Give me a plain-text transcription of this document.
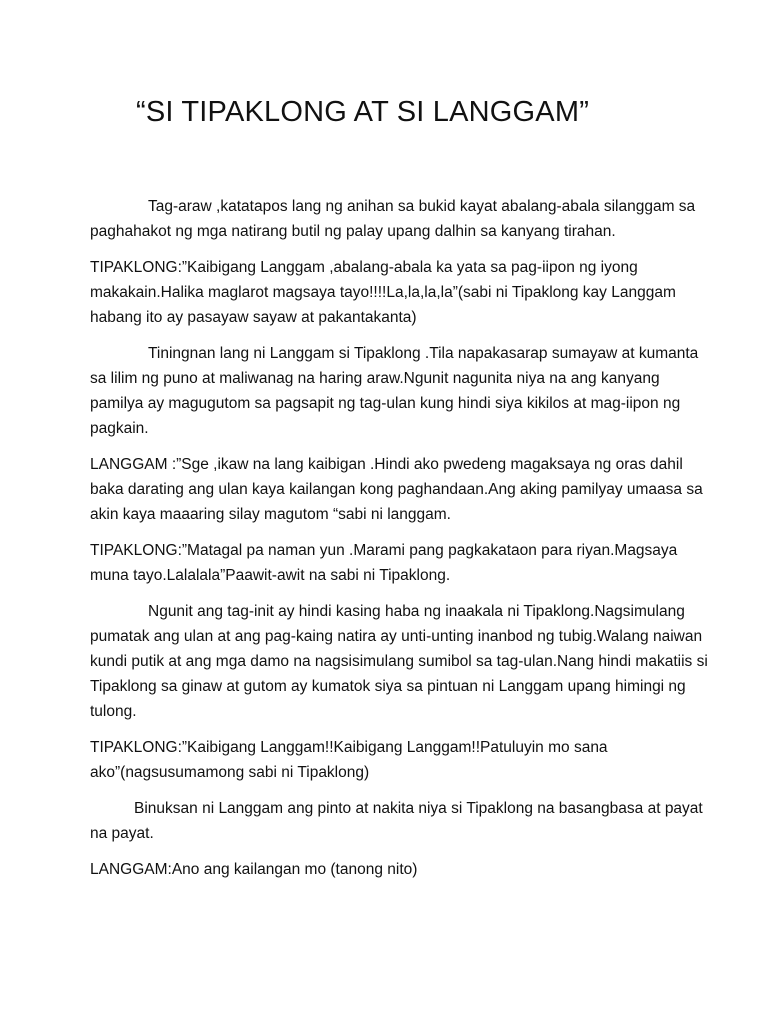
“SI TIPAKLONG AT SI LANGGAM”

Tag-araw ,katatapos lang ng anihan sa bukid kayat abalang-abala silanggam sa paghahakot ng mga natirang butil ng palay upang dalhin sa kanyang tirahan.

TIPAKLONG:”Kaibigang Langgam ,abalang-abala ka yata sa pag-iipon ng iyong makakain.Halika maglarot magsaya tayo!!!!La,la,la,la”(sabi ni Tipaklong kay Langgam habang ito ay pasayaw sayaw at pakantakanta)

Tiningnan lang ni Langgam si Tipaklong .Tila napakasarap sumayaw at kumanta sa lilim ng puno at maliwanag na haring araw.Ngunit nagunita niya na ang kanyang pamilya ay magugutom sa pagsapit ng tag-ulan kung hindi siya kikilos at mag-iipon ng pagkain.

LANGGAM :”Sge ,ikaw na lang kaibigan .Hindi ako pwedeng magaksaya ng oras dahil baka darating ang ulan kaya kailangan kong paghandaan.Ang aking pamilyay umaasa sa akin kaya maaaring silay magutom “sabi ni langgam.

TIPAKLONG:”Matagal pa naman yun .Marami pang pagkakataon para riyan.Magsaya muna tayo.Lalalala”Paawit-awit na sabi ni Tipaklong.

Ngunit ang tag-init ay hindi kasing haba ng inaakala ni Tipaklong.Nagsimulang pumatak ang ulan at ang pag-kaing natira ay unti-unting inanbod ng tubig.Walang naiwan kundi putik at ang mga damo na nagsisimulang sumibol sa tag-ulan.Nang hindi makatiis si Tipaklong sa ginaw at gutom ay kumatok siya sa pintuan ni Langgam upang himingi ng tulong.

TIPAKLONG:”Kaibigang Langgam!!Kaibigang Langgam!!Patuluyin mo sana ako”(nagsusumamong sabi ni Tipaklong)

Binuksan ni Langgam ang pinto at nakita niya si Tipaklong na basangbasa at payat na payat.

LANGGAM:Ano ang kailangan mo (tanong nito)
